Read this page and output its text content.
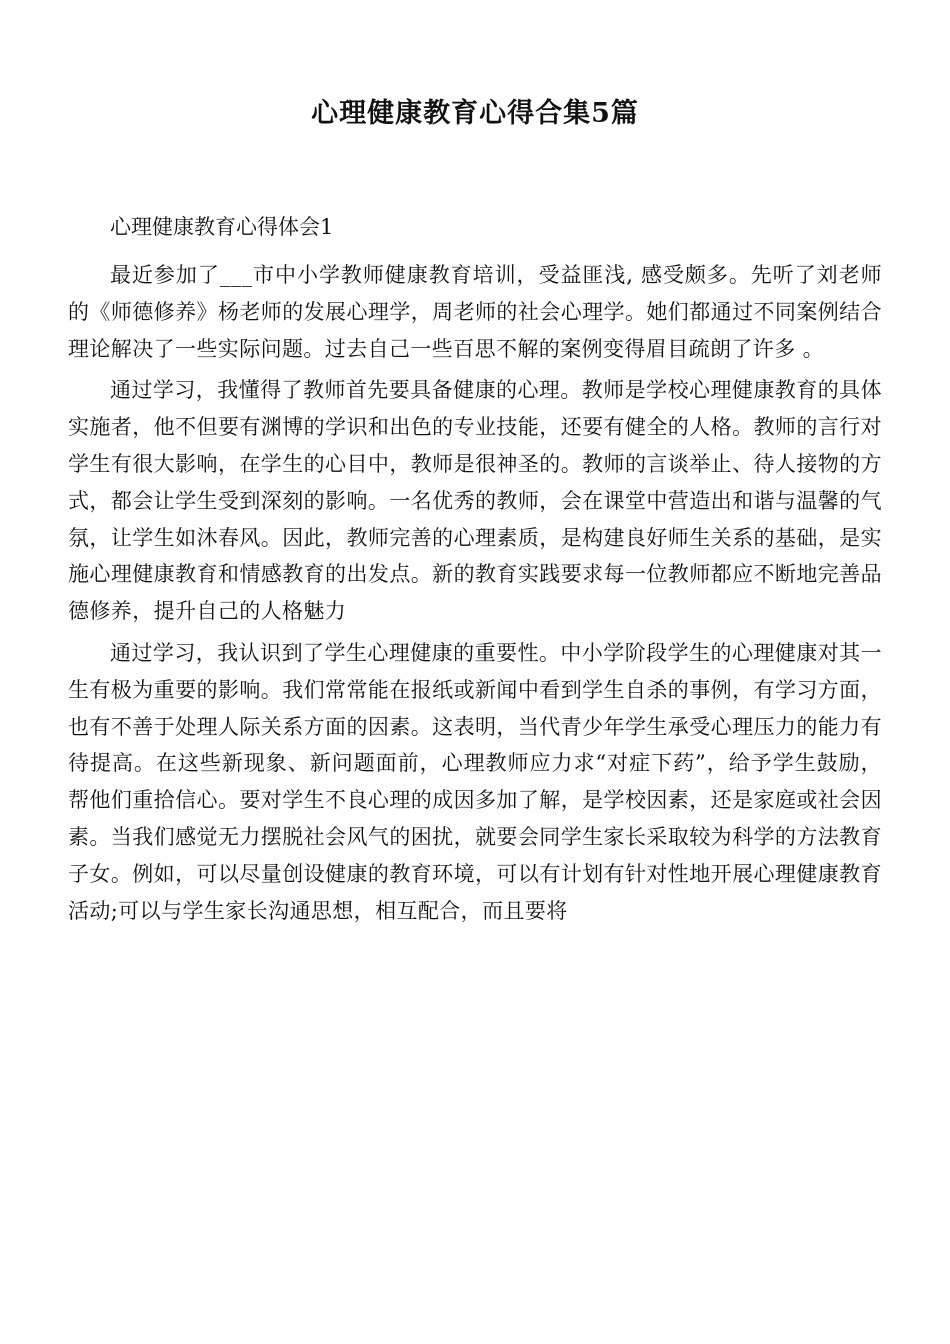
心理健康教育心得合集5篇

心理健康教育心得体会1

最近参加了___市中小学教师健康教育培训，受益匪浅, 感受颇多。先听了刘老师的《师德修养》杨老师的发展心理学，周老师的社会心理学。她们都通过不同案例结合理论解决了一些实际问题。过去自己一些百思不解的案例变得眉目疏朗了许多 。

通过学习，我懂得了教师首先要具备健康的心理。教师是学校心理健康教育的具体实施者，他不但要有渊博的学识和出色的专业技能，还要有健全的人格。教师的言行对学生有很大影响，在学生的心目中，教师是很神圣的。教师的言谈举止、待人接物的方式，都会让学生受到深刻的影响。一名优秀的教师，会在课堂中营造出和谐与温馨的气氛，让学生如沐春风。因此，教师完善的心理素质，是构建良好师生关系的基础，是实施心理健康教育和情感教育的出发点。新的教育实践要求每一位教师都应不断地完善品德修养，提升自己的人格魅力

通过学习，我认识到了学生心理健康的重要性。中小学阶段学生的心理健康对其一生有极为重要的影响。我们常常能在报纸或新闻中看到学生自杀的事例，有学习方面，也有不善于处理人际关系方面的因素。这表明，当代青少年学生承受心理压力的能力有待提高。在这些新现象、新问题面前，心理教师应力求“对症下药”，给予学生鼓励，帮他们重拾信心。要对学生不良心理的成因多加了解，是学校因素，还是家庭或社会因素。当我们感觉无力摆脱社会风气的困扰，就要会同学生家长采取较为科学的方法教育子女。例如，可以尽量创设健康的教育环境，可以有计划有针对性地开展心理健康教育活动;可以与学生家长沟通思想，相互配合，而且要将
